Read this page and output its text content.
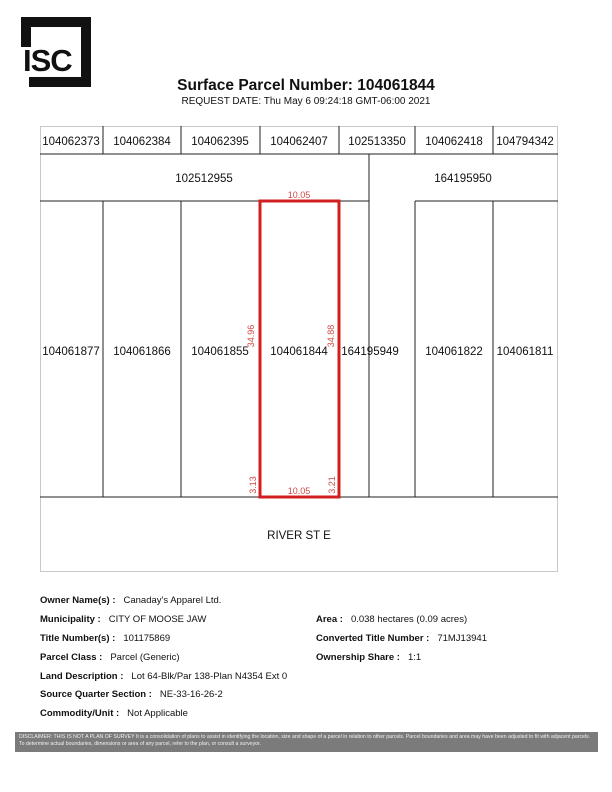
ISC
Surface Parcel Number: 104061844
REQUEST DATE: Thu May 6 09:24:18 GMT-06:00 2021
104062373 104062384 104062395 104062407 102513350 104062418 104794342
102512955	164195950
104061877 104061866 104061855 104061844 164195949 104061822 104061811
RIVER ST E
10.05
10.05
34.96	34.88
3.13	3.21
Owner Name(s) : Canaday's Apparel Ltd.
Municipality : CITY OF MOOSE JAW
Title Number(s) : 101175869
Parcel Class : Parcel (Generic)
Land Description : Lot 64-Blk/Par 138-Plan N4354 Ext 0
Source Quarter Section : NE-33-16-26-2
Commodity/Unit : Not Applicable
Area : 0.038 hectares (0.09 acres)
Converted Title Number : 71MJ13941
Ownership Share : 1:1
DISCLAIMER: THIS IS NOT A PLAN OF SURVEY It is a consolidation of plans to assist in identifying the location, size and shape of a parcel in relation to other parcels. Parcel boundaries and area may have been adjusted to fit with adjacent parcels. To determine actual boundaries, dimensions or area of any parcel, refer to the plan, or consult a surveyor.
